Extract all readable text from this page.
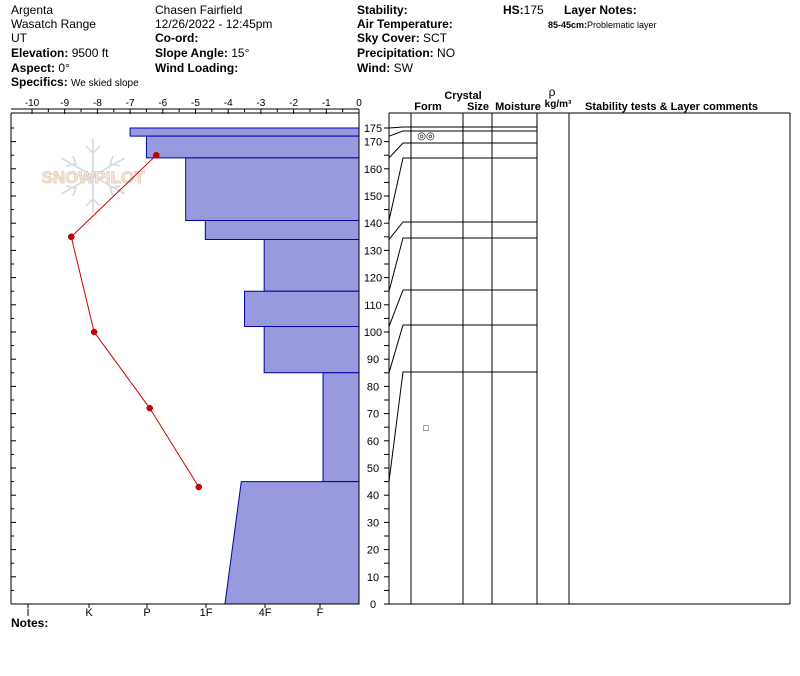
Argenta
Wasatch Range
UT
Elevation: 9500 ft
Aspect: 0°
Specifics: We skied slope
Chasen Fairfield
12/26/2022 - 12:45pm
Co-ord:
Slope Angle: 15°
Wind Loading:
Stability:
Air Temperature:
Sky Cover: SCT
Precipitation: NO
Wind: SW
HS:175 Layer Notes:
85-45cm:Problematic layer
Notes:
SNOWPILOT
-10 -9 -8 -7 -6 -5 -4 -3 -2 -1	0
0
10
20
30
40
50
60
70
80
90
100
110
120
130
140
150
160
170
175
I	K	P	1F	4F	F
◎◎
□
Crystal	ρ
Form Size Moisture kg/m³ Stability tests & Layer comments
